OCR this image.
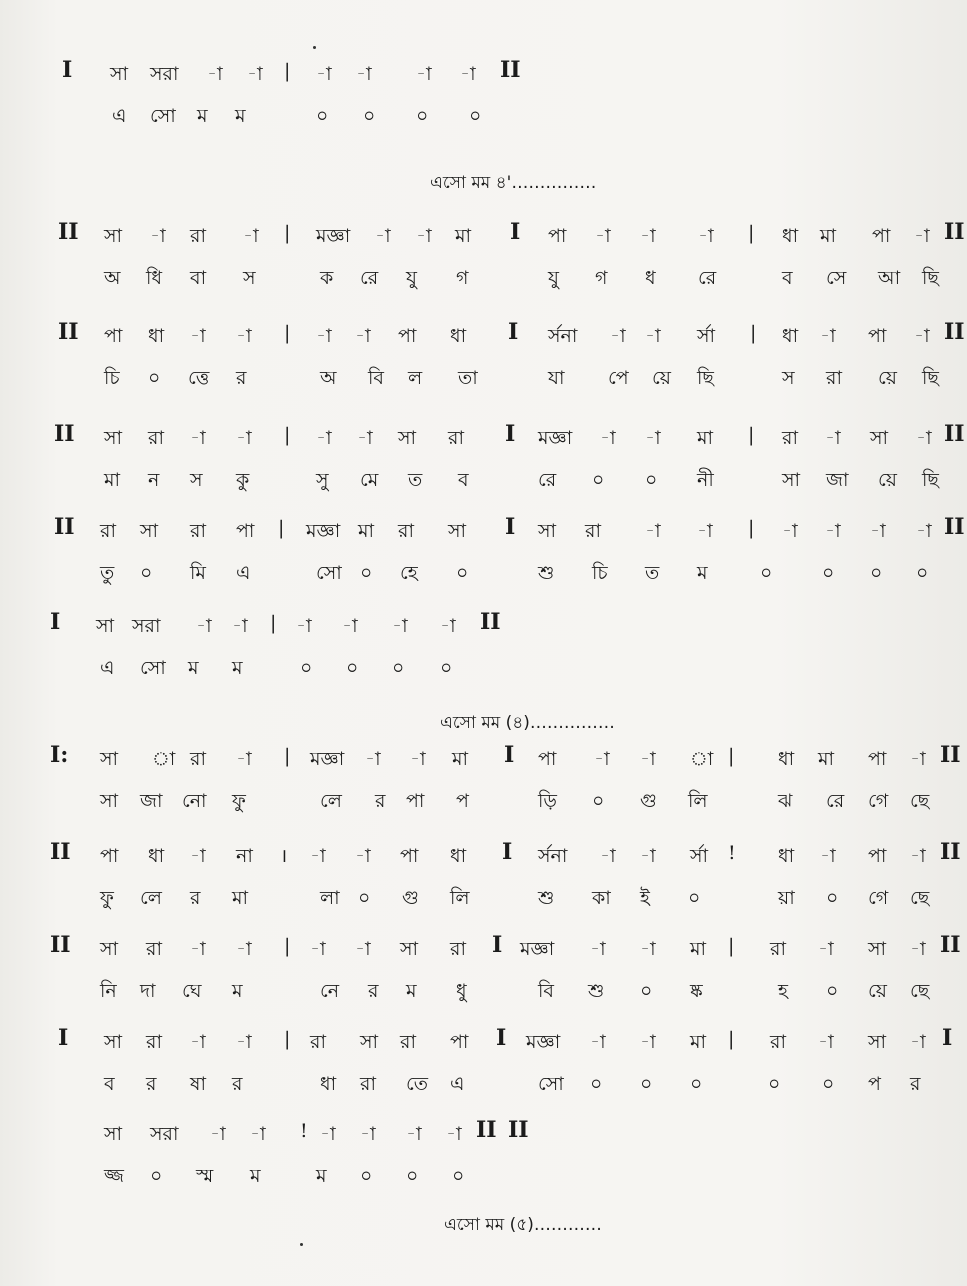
এসো মম ৪'……………
এসো মম (৪)……………
এসো মম (৫)…………
I সা সরা -া -া | -া -া -া -া II
এ সো ম ম	০ ০ ০ ০
II সা -া রা -া | মজ্ঞা -া -া মা I পা -া -া -া | ধা মা পা -া II
অ ধি বা স	ক রে যু গ	যু গ ধ রে	ব সে আ ছি
II পা ধা -া -া | -া -া পা ধা I র্সনা -া -া র্সা | ধা -া পা -া II
চি ০ ত্তে র	অ বি ল তা	যা পে য়ে ছি	স রা য়ে ছি
II সা রা -া -া | -া -া সা রা I মজ্ঞা -া -া মা | রা -া সা -া II
মা ন স কু	সু মে ত ব	রে ০ ০ নী	সা জা য়ে ছি
II রা সা রা পা | মজ্ঞা মা রা সা I সা রা -া -া | -া -া -া -া II
তু ০ মি এ	সো ০ হে ০	শু চি ত ম	০	০ ০ ০
I সা সরা -া -া | -া -া -া -া II
এ সো ম ম	০ ০ ০ ০
I: সা া রা -া | মজ্ঞা -া -া মা I পা -া -া া | ধা মা পা -া II
সা জা নো ফু	লে র পা প	ড়ি ০ গু লি	ঝ রে গে ছে
II পা ধা -া না । -া -া পা ধা I র্সনা -া -া র্সা ! ধা -া পা -া II
ফু লে র মা	লা ০ গু লি	শু কা ই ০	য়া ০ গে ছে
II সা রা -া -া | -া -া সা রা I মজ্ঞা -া -া মা | রা -া সা -া II
নি দা ঘে ম	নে র ম ধু	বি শু ০ ষ্ক	হ ০ য়ে ছে
I সা রা -া -া | রা সা রা পা I মজ্ঞা -া -া মা | রা -া সা -া I
ব র ষা র	ধা রা তে এ	সো ০ ০ ০	০ ০ প র
সা সরা -া -া ! -া -া -া -া II II
জ্জ ০ স্ম ম	ম ০ ০ ০
